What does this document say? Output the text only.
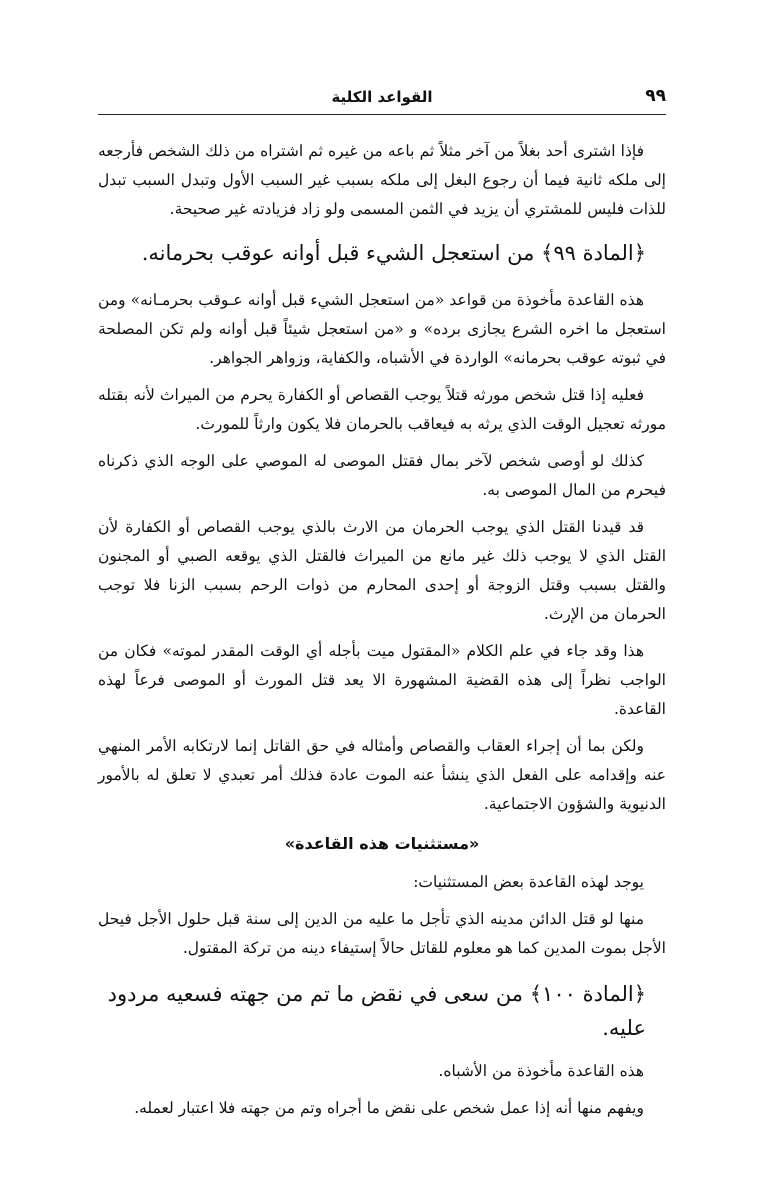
٩٩
القواعد الكلية

فإذا اشترى أحد بغلاً من آخر مثلاً ثم باعه من غيره ثم اشتراه من ذلك الشخص فأرجعه إلى ملكه ثانية فيما أن رجوع البغل إلى ملكه بسبب غير السبب الأول وتبدل السبب تبدل للذات فليس للمشتري أن يزيد في الثمن المسمى ولو زاد فزيادته غير صحيحة.

﴿المادة ٩٩﴾ من استعجل الشيء قبل أوانه عوقب بحرمانه.

هذه القاعدة مأخوذة من قواعد «من استعجل الشيء قبل أوانه عـوقب بحرمـانه» ومن استعجل ما اخره الشرع يجازى برده» و «من استعجل شيئاً قبل أوانه ولم تكن المصلحة في ثبوته عوقب بحرمانه» الواردة في الأشباه، والكفاية، وزواهر الجواهر.

فعليه إذا قتل شخص مورثه قتلاً يوجب القصاص أو الكفارة يحرم من الميراث لأنه بقتله مورثه تعجيل الوقت الذي يرثه به فيعاقب بالحرمان فلا يكون وارثاً للمورث.

كذلك لو أوصى شخص لآخر بمال فقتل الموصى له الموصي على الوجه الذي ذكرناه فيحرم من المال الموصى به.

قد قيدنا القتل الذي يوجب الحرمان من الارث بالذي يوجب القصاص أو الكفارة لأن القتل الذي لا يوجب ذلك غير مانع من الميراث فالقتل الذي يوقعه الصبي أو المجنون والقتل بسبب وقتل الزوجة أو إحدى المحارم من ذوات الرحم بسبب الزنا فلا توجب الحرمان من الإرث.

هذا وقد جاء في علم الكلام «المقتول ميت بأجله أي الوقت المقدر لموته» فكان من الواجب نظراً إلى هذه القضية المشهورة الا يعد قتل المورث أو الموصى فرعاً لهذه القاعدة.

ولكن بما أن إجراء العقاب والقصاص وأمثاله في حق القاتل إنما لارتكابه الأمر المنهي عنه وإقدامه على الفعل الذي ينشأ عنه الموت عادة فذلك أمر تعبدي لا تعلق له بالأمور الدنيوية والشؤون الاجتماعية.

«مستثنيات هذه القاعدة»

يوجد لهذه القاعدة بعض المستثنيات:

منها لو قتل الدائن مدينه الذي تأجل ما عليه من الدين إلى سنة قبل حلول الأجل فيحل الأجل بموت المدين كما هو معلوم للقاتل حالاً إستيفاء دينه من تركة المقتول.

﴿المادة ١٠٠﴾ من سعى في نقض ما تم من جهته فسعيه مردود عليه.

هذه القاعدة مأخوذة من الأشباه.

ويفهم منها أنه إذا عمل شخص على نقض ما أجراه وتم من جهته فلا اعتبار لعمله.
